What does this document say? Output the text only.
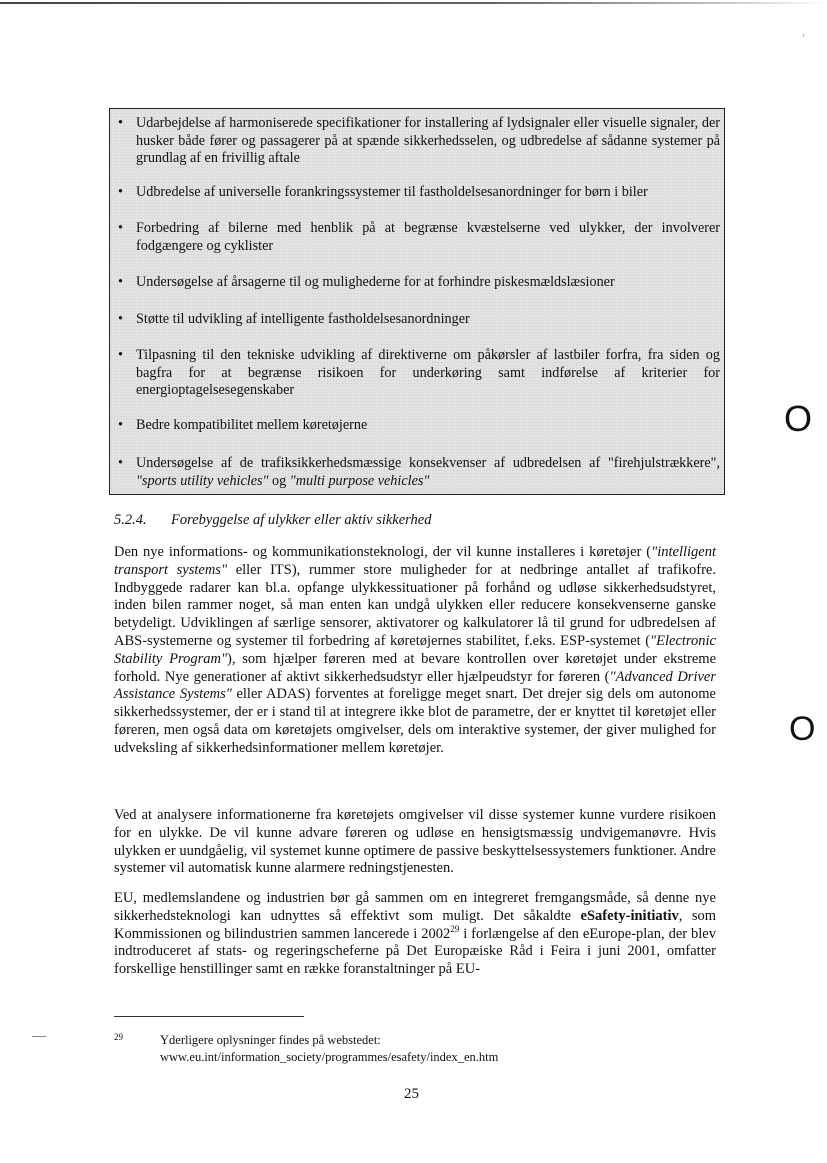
'
• Udarbejdelse af harmoniserede specifikationer for installering af lydsignaler eller visuelle signaler, der husker både fører og passagerer på at spænde sikkerhedsselen, og udbredelse af sådanne systemer på grundlag af en frivillig aftale
• Udbredelse af universelle forankringssystemer til fastholdelsesanordninger for børn i biler
• Forbedring af bilerne med henblik på at begrænse kvæstelserne ved ulykker, der involverer fodgængere og cyklister
• Undersøgelse af årsagerne til og mulighederne for at forhindre piskesmældslæsioner
• Støtte til udvikling af intelligente fastholdelsesanordninger
• Tilpasning til den tekniske udvikling af direktiverne om påkørsler af lastbiler forfra, fra siden og bagfra for at begrænse risikoen for underkøring samt indførelse af kriterier for energioptagelsesegenskaber
• Bedre kompatibilitet mellem køretøjerne
• Undersøgelse af de trafiksikkerhedsmæssige konsekvenser af udbredelsen af "firehjulstrækkere", "sports utility vehicles" og "multi purpose vehicles"
5.2.4. Forebyggelse af ulykker eller aktiv sikkerhed

Den nye informations- og kommunikationsteknologi, der vil kunne installeres i køretøjer ("intelligent transport systems" eller ITS), rummer store muligheder for at nedbringe antallet af trafikofre. Indbyggede radarer kan bl.a. opfange ulykkessituationer på forhånd og udløse sikkerhedsudstyret, inden bilen rammer noget, så man enten kan undgå ulykken eller reducere konsekvenserne ganske betydeligt. Udviklingen af særlige sensorer, aktivatorer og kalkulatorer lå til grund for udbredelsen af ABS-systemerne og systemer til forbedring af køretøjernes stabilitet, f.eks. ESP-systemet ("Electronic Stability Program"), som hjælper føreren med at bevare kontrollen over køretøjet under ekstreme forhold. Nye generationer af aktivt sikkerhedsudstyr eller hjælpeudstyr for føreren ("Advanced Driver Assistance Systems" eller ADAS) forventes at foreligge meget snart. Det drejer sig dels om autonome sikkerhedssystemer, der er i stand til at integrere ikke blot de parametre, der er knyttet til køretøjet eller føreren, men også data om køretøjets omgivelser, dels om interaktive systemer, der giver mulighed for udveksling af sikkerhedsinformationer mellem køretøjer.

Ved at analysere informationerne fra køretøjets omgivelser vil disse systemer kunne vurdere risikoen for en ulykke. De vil kunne advare føreren og udløse en hensigtsmæssig undvigemanøvre. Hvis ulykken er uundgåelig, vil systemet kunne optimere de passive beskyttelsessystemers funktioner. Andre systemer vil automatisk kunne alarmere redningstjenesten.

EU, medlemslandene og industrien bør gå sammen om en integreret fremgangsmåde, så denne nye sikkerhedsteknologi kan udnyttes så effektivt som muligt. Det såkaldte eSafety-initiativ, som Kommissionen og bilindustrien sammen lancerede i 2002$^{29}$ i forlængelse af den eEurope-plan, der blev indtroduceret af stats- og regeringscheferne på Det Europæiske Råd i Feira i juni 2001, omfatter forskellige henstillinger samt en række foranstaltninger på EU-

29	Yderligere oplysninger findes på webstedet:
www.eu.int/information_society/programmes/esafety/index_en.htm
O
O
25
